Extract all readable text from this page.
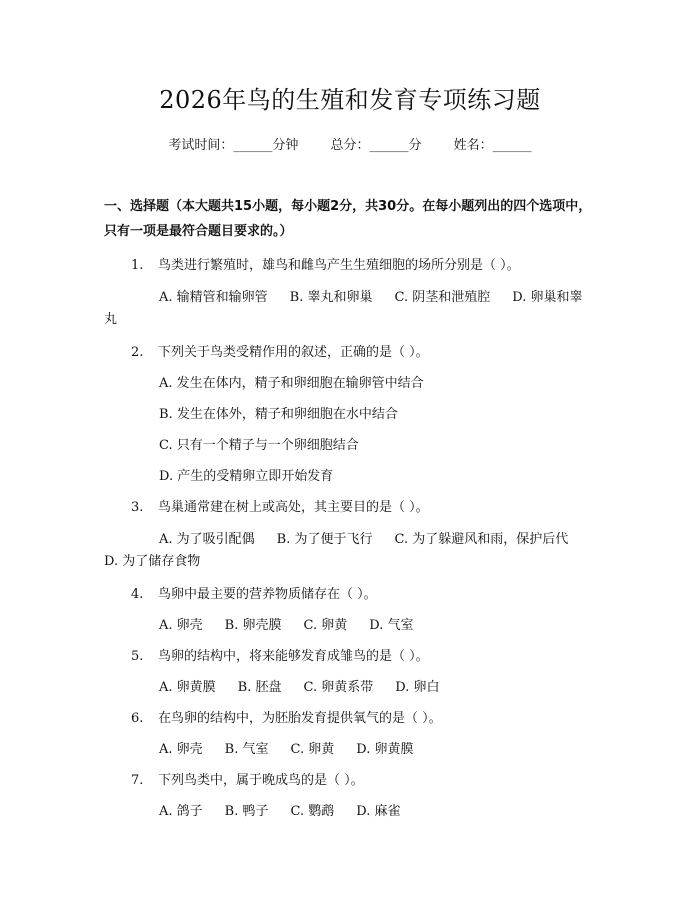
2026年鸟的生殖和发育专项练习题
考试时间：______分钟 总分：______分 姓名：______
一、选择题（本大题共15小题，每小题2分，共30分。在每小题列出的四个选项中，只有一项是最符合题目要求的。）
1. 鸟类进行繁殖时，雄鸟和雌鸟产生生殖细胞的场所分别是（ ）。
A. 输精管和输卵管 B. 睾丸和卵巢 C. 阴茎和泄殖腔 D. 卵巢和睾丸
2. 下列关于鸟类受精作用的叙述，正确的是（ ）。
A. 发生在体内，精子和卵细胞在输卵管中结合
B. 发生在体外，精子和卵细胞在水中结合
C. 只有一个精子与一个卵细胞结合
D. 产生的受精卵立即开始发育
3. 鸟巢通常建在树上或高处，其主要目的是（ ）。
A. 为了吸引配偶 B. 为了便于飞行 C. 为了躲避风和雨，保护后代D. 为了储存食物
4. 鸟卵中最主要的营养物质储存在（ ）。
A. 卵壳 B. 卵壳膜 C. 卵黄 D. 气室
5. 鸟卵的结构中，将来能够发育成雏鸟的是（ ）。
A. 卵黄膜 B. 胚盘 C. 卵黄系带 D. 卵白
6. 在鸟卵的结构中，为胚胎发育提供氧气的是（ ）。
A. 卵壳 B. 气室 C. 卵黄 D. 卵黄膜
7. 下列鸟类中，属于晚成鸟的是（ ）。
A. 鸽子 B. 鸭子 C. 鹦鹉 D. 麻雀
